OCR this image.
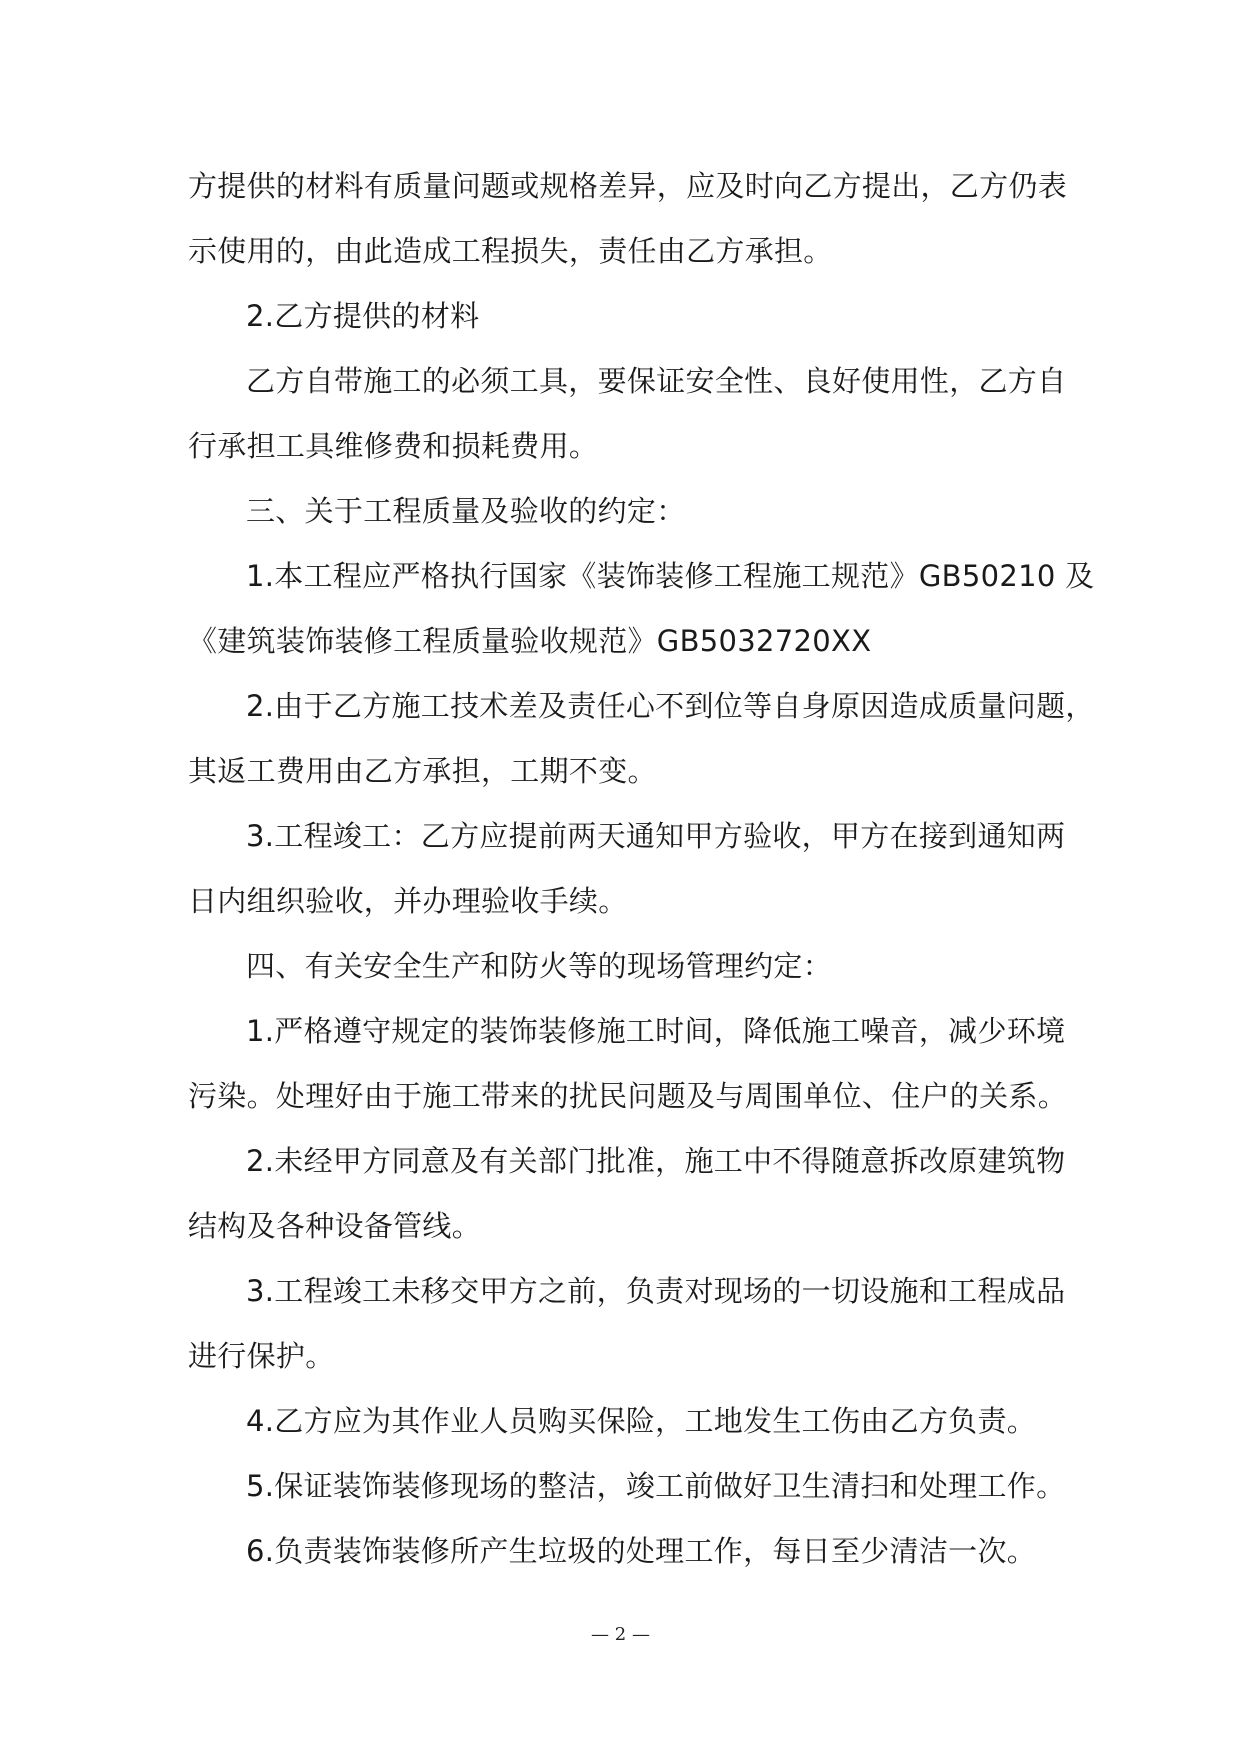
方提供的材料有质量问题或规格差异，应及时向乙方提出，乙方仍表
示使用的，由此造成工程损失，责任由乙方承担。
2.乙方提供的材料
乙方自带施工的必须工具，要保证安全性、良好使用性，乙方自
行承担工具维修费和损耗费用。
三、关于工程质量及验收的约定：
1.本工程应严格执行国家《装饰装修工程施工规范》GB50210 及
《建筑装饰装修工程质量验收规范》GB5032720XX
2.由于乙方施工技术差及责任心不到位等自身原因造成质量问题，
其返工费用由乙方承担，工期不变。
3.工程竣工：乙方应提前两天通知甲方验收，甲方在接到通知两
日内组织验收，并办理验收手续。
四、有关安全生产和防火等的现场管理约定：
1.严格遵守规定的装饰装修施工时间，降低施工噪音，减少环境
污染。处理好由于施工带来的扰民问题及与周围单位、住户的关系。
2.未经甲方同意及有关部门批准，施工中不得随意拆改原建筑物
结构及各种设备管线。
3.工程竣工未移交甲方之前，负责对现场的一切设施和工程成品
进行保护。
4.乙方应为其作业人员购买保险，工地发生工伤由乙方负责。
5.保证装饰装修现场的整洁，竣工前做好卫生清扫和处理工作。
6.负责装饰装修所产生垃圾的处理工作，每日至少清洁一次。
— 2 —
